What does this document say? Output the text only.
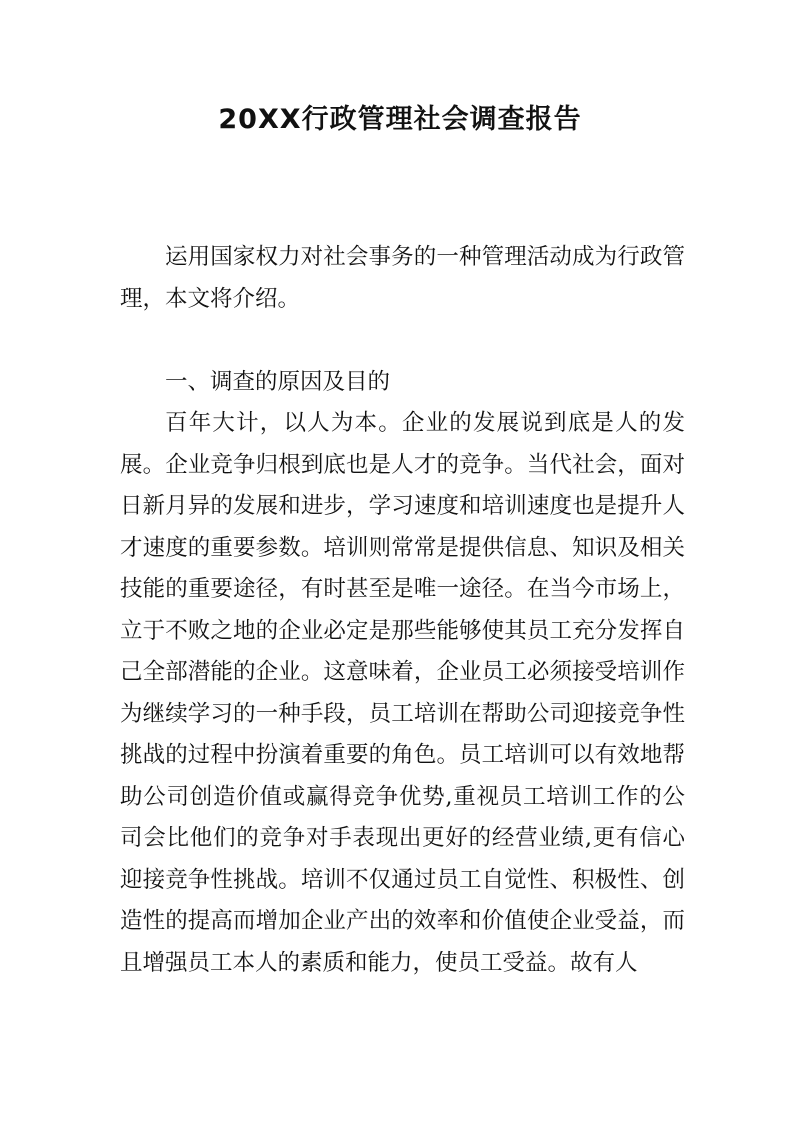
20XX行政管理社会调查报告

运用国家权力对社会事务的一种管理活动成为行政管理，本文将介绍。

一、调查的原因及目的

百年大计，以人为本。企业的发展说到底是人的发展。企业竞争归根到底也是人才的竞争。当代社会，面对日新月异的发展和进步，学习速度和培训速度也是提升人才速度的重要参数。培训则常常是提供信息、知识及相关技能的重要途径，有时甚至是唯一途径。在当今市场上，立于不败之地的企业必定是那些能够使其员工充分发挥自己全部潜能的企业。这意味着，企业员工必须接受培训作为继续学习的一种手段，员工培训在帮助公司迎接竞争性挑战的过程中扮演着重要的角色。员工培训可以有效地帮助公司创造价值或赢得竞争优势,重视员工培训工作的公司会比他们的竞争对手表现出更好的经营业绩,更有信心迎接竞争性挑战。培训不仅通过员工自觉性、积极性、创造性的提高而增加企业产出的效率和价值使企业受益，而且增强员工本人的素质和能力，使员工受益。故有人
